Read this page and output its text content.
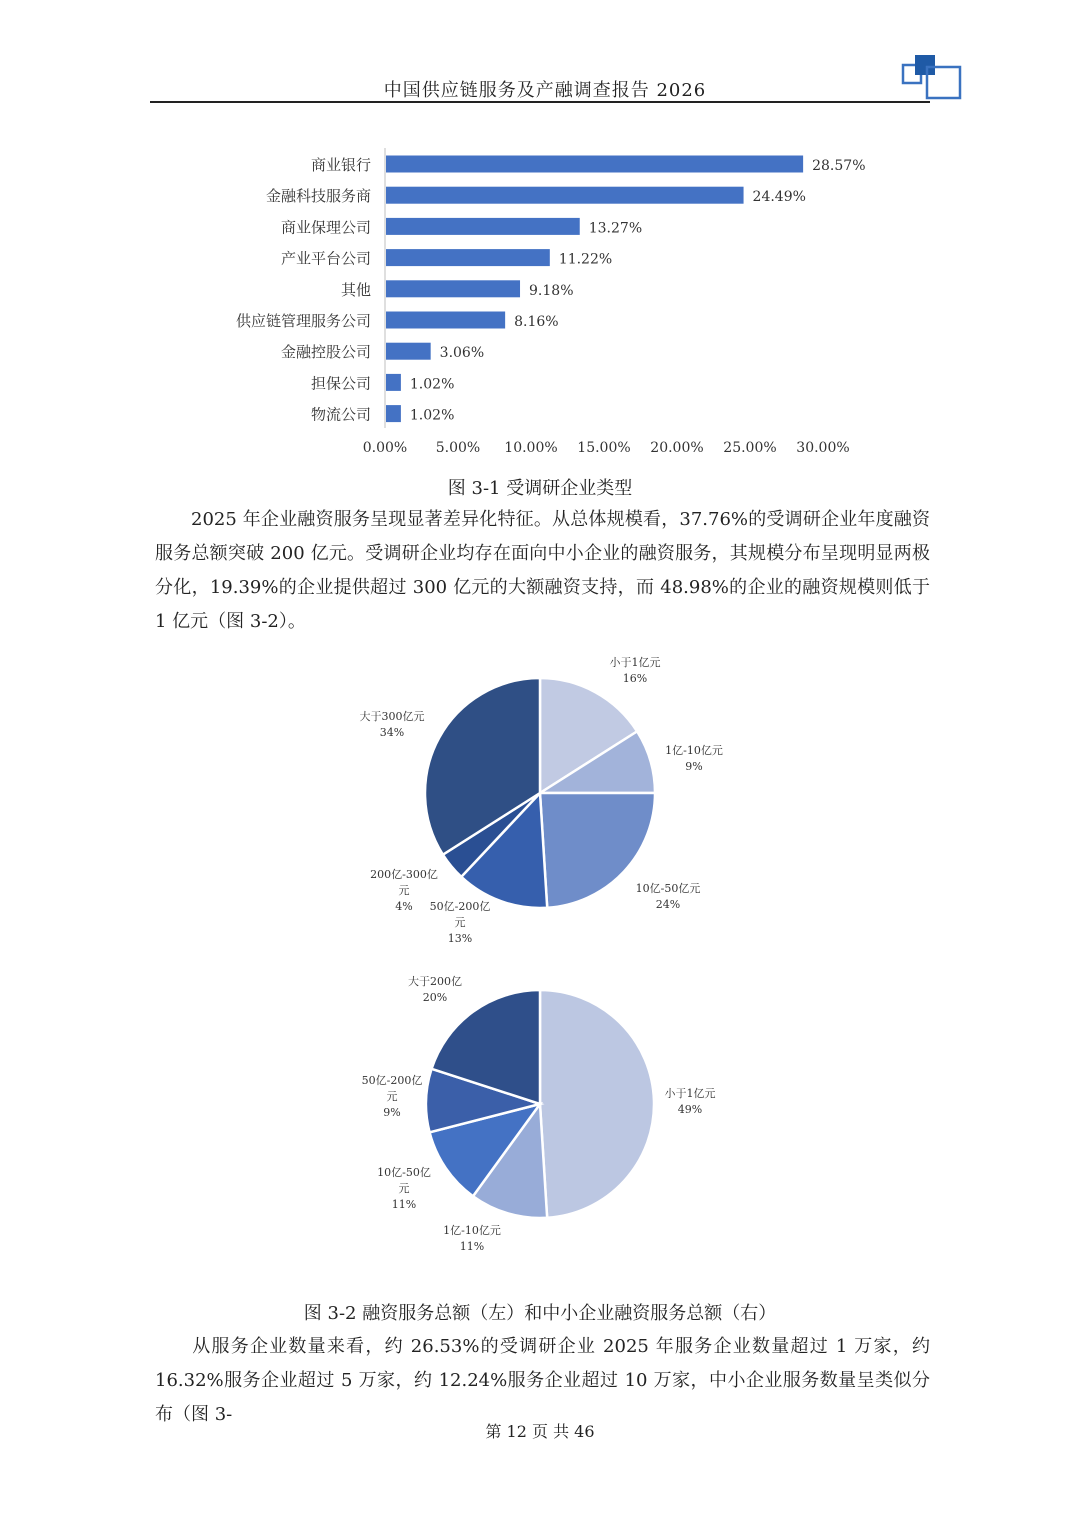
中国供应链服务及产融调查报告 2026
商业银行	28.57%
金融科技服务商	24.49%
商业保理公司	13.27%
产业平台公司	11.22%
其他	9.18%
供应链管理服务公司	8.16%
金融控股公司	3.06%
担保公司	1.02%
物流公司	1.02%
0.00% 5.00% 10.00% 15.00% 20.00% 25.00% 30.00%
图 3-1 受调研企业类型
2025 年企业融资服务呈现显著差异化特征。从总体规模看，37.76%的受调研企业年度融资服务总额突破 200 亿元。受调研企业均存在面向中小企业的融资服务，其规模分布呈现明显两极分化，19.39%的企业提供超过 300 亿元的大额融资支持，而 48.98%的企业的融资规模则低于 1 亿元（图 3-2）。
小于1亿元
16%
1亿-10亿元
9%
10亿-50亿元
24%
50亿-200亿
元
13%
200亿-300亿
元
4%
大于300亿元
34%
小于1亿元
49%
1亿-10亿元
11%
10亿-50亿
元
11%
50亿-200亿
元
9%
大于200亿
20%
图 3-2 融资服务总额（左）和中小企业融资服务总额（右）
从服务企业数量来看，约 26.53%的受调研企业 2025 年服务企业数量超过 1 万家，约 16.32%服务企业超过 5 万家，约 12.24%服务企业超过 10 万家，中小企业服务数量呈类似分布（图 3-
第 12 页 共 46
